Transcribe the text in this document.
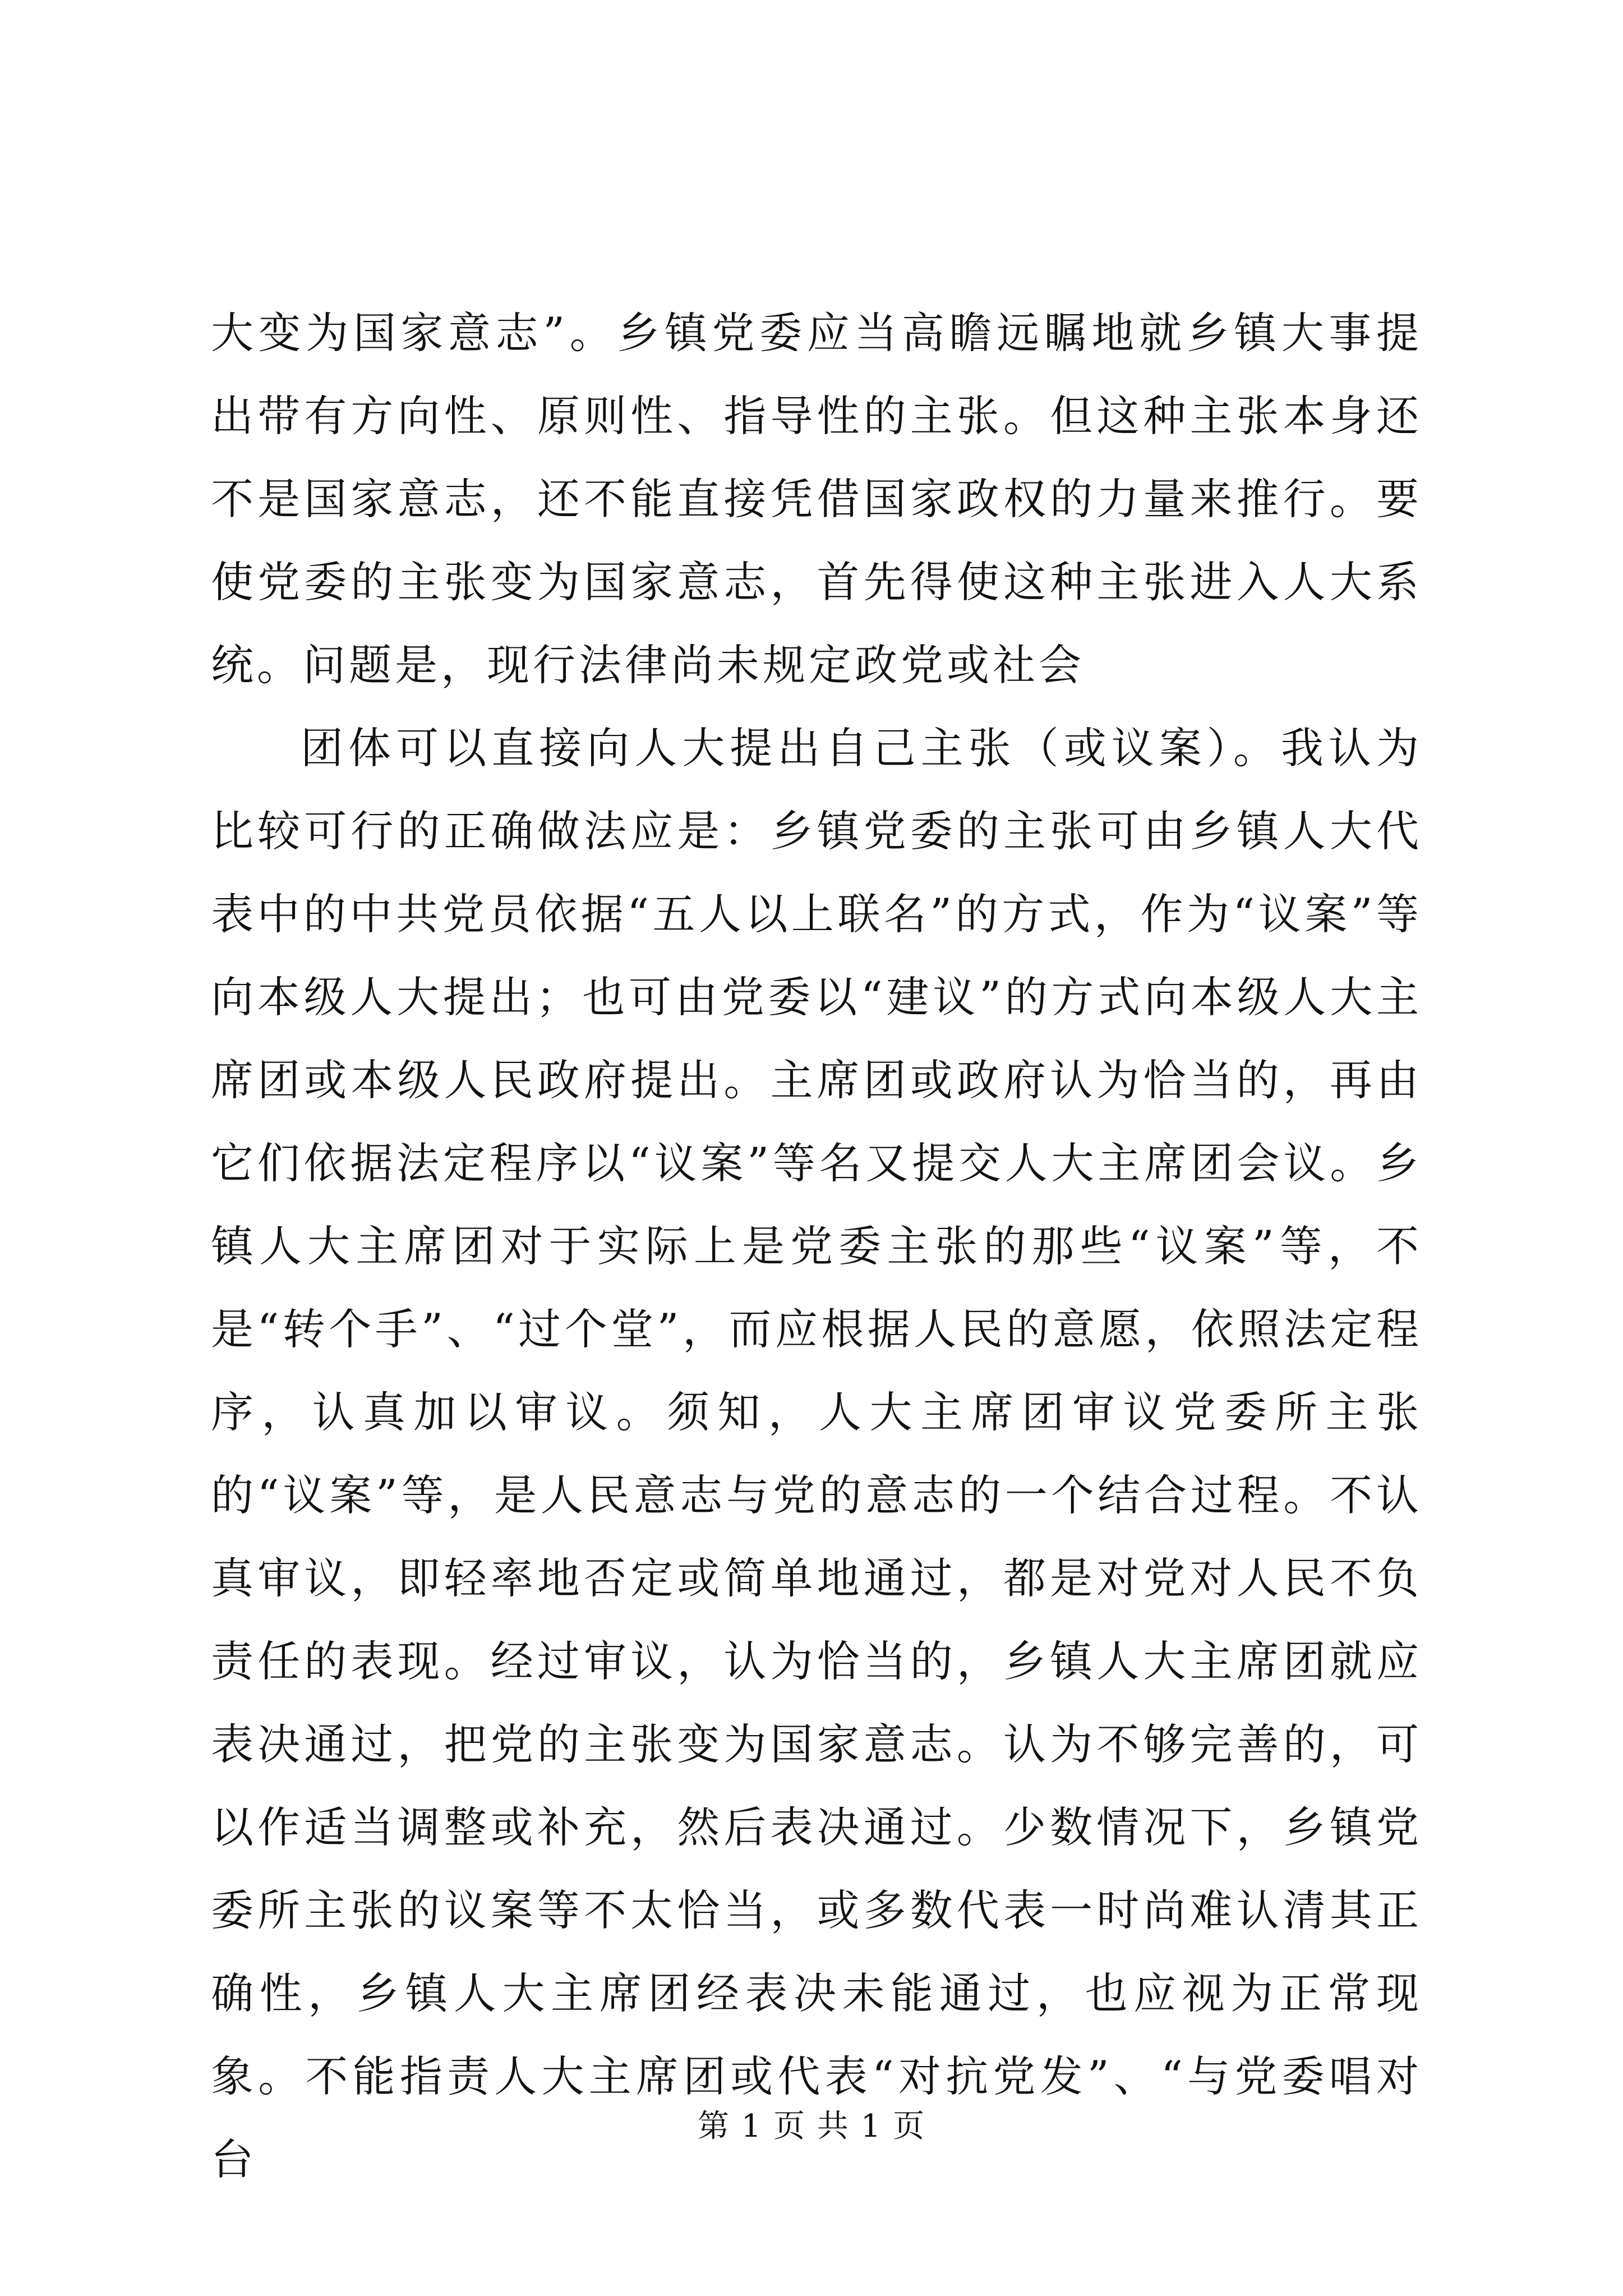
大变为国家意志”。乡镇党委应当高瞻远瞩地就乡镇大事提出带有方向性、原则性、指导性的主张。但这种主张本身还不是国家意志，还不能直接凭借国家政权的力量来推行。要使党委的主张变为国家意志，首先得使这种主张进入人大系统。问题是，现行法律尚未规定政党或社会

团体可以直接向人大提出自己主张（或议案）。我认为比较可行的正确做法应是：乡镇党委的主张可由乡镇人大代表中的中共党员依据“五人以上联名”的方式，作为“议案”等向本级人大提出；也可由党委以“建议”的方式向本级人大主席团或本级人民政府提出。主席团或政府认为恰当的，再由它们依据法定程序以“议案”等名又提交人大主席团会议。乡镇人大主席团对于实际上是党委主张的那些“议案”等，不是“转个手”、“过个堂”，而应根据人民的意愿，依照法定程序，认真加以审议。须知，人大主席团审议党委所主张的“议案”等，是人民意志与党的意志的一个结合过程。不认真审议，即轻率地否定或简单地通过，都是对党对人民不负责任的表现。经过审议，认为恰当的，乡镇人大主席团就应表决通过，把党的主张变为国家意志。认为不够完善的，可以作适当调整或补充，然后表决通过。少数情况下，乡镇党委所主张的议案等不太恰当，或多数代表一时尚难认清其正确性，乡镇人大主席团经表决未能通过，也应视为正常现象。不能指责人大主席团或代表“对抗党发”、“与党委唱对台

第 1 页 共 1 页
